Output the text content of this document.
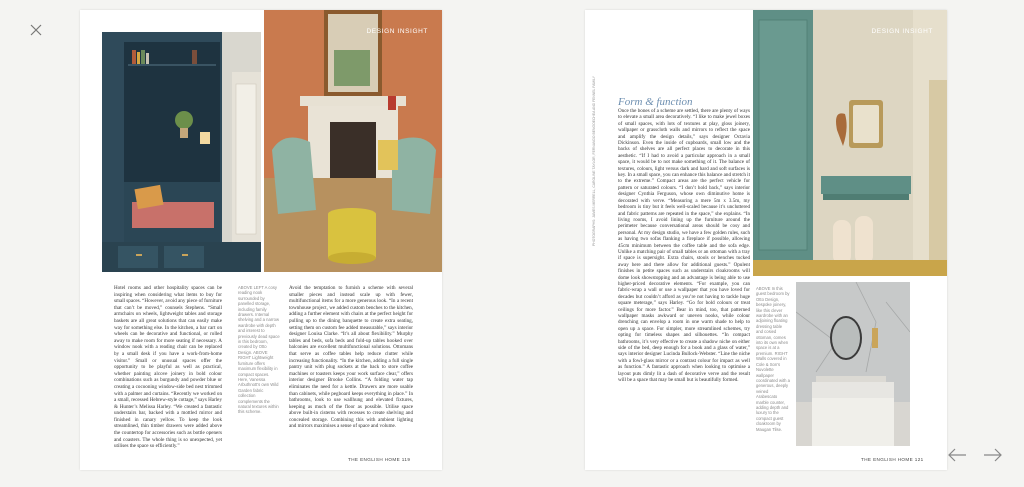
DESIGN INSIGHT

Hotel rooms and other hospitality spaces can be inspiring when considering what items to buy for small spaces. “However, avoid any piece of furniture that can’t be moved,” counsels Stephens. “Small armchairs on wheels, lightweight tables and storage baskets are all great solutions that can easily make way for something else. In the kitchen, a bar cart on wheels can be decorative and functional, or rolled away to make room for more seating if necessary. A window nook with a reading chair can be replaced by a small desk if you have a work-from-home visitor.” Small or unusual spaces offer the opportunity to be playful as well as practical, whether painting alcove joinery in bold colour combinations such as burgundy and powder blue or creating a cocooning window-side bed nest trimmed with a palmer and curtains. “Recently we worked on a small, recessed Hebrew-style cottage,” says Harley & Hunter’s Melissa Harley. “We created a fantastic understairs bar, backed with a mottled mirror and finished in canary yellow. To keep the look streamlined, thin timber drawers were added above the countertop for accessories such as bottle openers and coasters. The whole thing is so unexpected, yet utilises the space so efficiently.”

ABOVE LEFT A cosy reading nook surrounded by panelled storage, including family drawers. Internal shelving and a narrow wardrobe with depth and interest to previously dead space in this bedroom, created by Otto Design. ABOVE RIGHT Lightweight furniture offers maximum flexibility in compact spaces. Here, Vanessa Arbuthnott’s own Wild Garden fabric collection complements the natural textures within this scheme.

Avoid the temptation to furnish a scheme with several smaller pieces and instead scale up with fewer, multifunctional items for a more generous look. “In a recent townhouse project, we added custom benches to the kitchen, adding a further element with chairs at the perfect height for pulling up to the dining banquette to create extra seating, setting them on custom fee added measurable,” says interior designer Louisa Clarke. “It’s all about flexibility.” Murphy tables and beds, sofa beds and fold-up tables hooked over balconies are excellent multifunctional solutions. Ottomans that serve as coffee tables help reduce clutter while increasing functionality. “In the kitchen, adding a full single pantry unit with plug sockets at the back to store coffee machines or toasters keeps your work surface clear,” offers interior designer Brooke Collins. “A folding water tap eliminates the need for a kettle. Drawers are more usable than cabinets, while pegboard keeps everything in place.” In bathrooms, look to use wallhung and elevated fixtures, keeping as much of the floor as possible. Utilise space above built-in cisterns with recesses to create shelving and concealed storage. Combining this with ambient lighting and mirrors maximises a sense of space and volume.

THE ENGLISH HOME 119
PHOTOGRAPHS: JAMES MERRELL, CAROLINE TAYLOR, FERNANDO BENGOECHEA AND FENNEL FAMILY Form & function

Once the bones of a scheme are settled, there are plenty of ways to elevate a small area decoratively. “I like to make jewel boxes of small spaces, with lots of textures at play, gloss joinery, wallpaper or grasscloth walls and mirrors to reflect the space and amplify the design details,” says designer Octavia Dickinson. Even the inside of cupboards, small low and the backs of shelves are all perfect places to decorate in this aesthetic. “If I had to avoid a particular approach in a small space, it would be to not make something of it. The balance of textures, colours, light versus dark and hard and soft surfaces is key. In a small space, you can enhance this balance and stretch it to the extreme.” Compact areas are the perfect vehicle for pattern or saturated colours. “I don’t hold back,” says interior designer Cynthia Ferguson, whose own diminutive home is decorated with verve. “Measuring a mere 5m x 3.5m, my bedroom is tiny but it feels well-scaled because it’s uncluttered and fabric patterns are repeated in the space,” she explains. “In living rooms, I avoid lining up the furniture around the perimeter because conversational areas should be cosy and personal. At my design studio, we have a few golden rules, such as having two sofas flanking a fireplace if possible, allowing 45cm minimum between the coffee table and the sofa edge. Unlike a matching pair of small tables or an ottoman with a tray if space is supersight. Extra chairs, stools or benches tucked away here and there allow for additional guests.” Opulent finishes in petite spaces such as understairs cloakrooms will dome look showstopping and an advantage is being able to use higher-priced decorative elements. “For example, you can fabric-wrap a wall or use a wallpaper that you have loved for decades but couldn’t afford as you’re not having to tackle huge square meterage,” says Harley. “Go for bold colours or treat ceilings for more factor.” Bear in mind, too, that patterned wallpaper masks awkward or uneven nooks, while colour drenching can envelop a room in one warm shade to help to open up a space. For simpler, more streamlined schemes, try opting for timeless shapes and silhouettes. “In compact bathrooms, it’s very effective to create a shadow niche on either side of the bed, deep enough for a book and a glass of water,” says interior designer Lucinda Bullock-Webster. “Line the niche with a fowl-glass mirror or a contrast colour for impact as well as function.” A fantastic approach when looking to optimise a layout puts dimly lit a dash of decorative verve and the result will be a space that may be small but is beautifully formed.

DESIGN INSIGHT
ABOVE In this guest bedroom by Otto Design, bespoke joinery, like this clever wardrobe with an adjoining floating dressing table and cosied ottoman, comes into its own when space is at a premium. RIGHT Walls covered in Cole & Son’s Nuvolette wallpaper coordinated with a generous, deeply veined Arabescato marble counter, adding depth and luxury to the compact guest cloakroom by Maugan Tilse.
THE ENGLISH HOME 121
